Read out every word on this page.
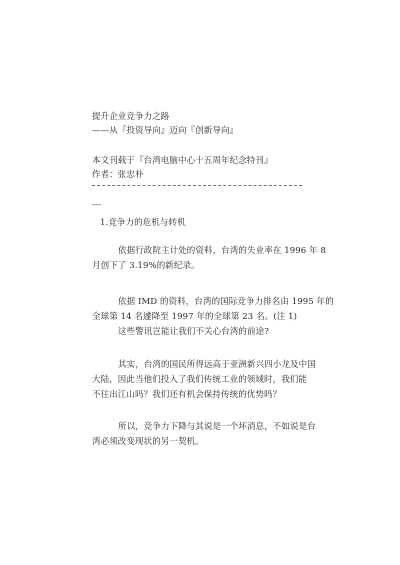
提升企业竞争力之路
——从『投资导向』迈向『创新导向』
本文刊载于『台湾电脑中心十五周年纪念特刊』
作者：张忠朴
---
1.竞争力的危机与转机
依据行政院主计处的资料，台湾的失业率在 1996 年 8
月创下了 3.19%的新纪录。
依据 IMD 的资料，台湾的国际竞争力排名由 1995 年的
全球第 14 名遽降至 1997 年的全球第 23 名。(注 1)
这些警讯岂能让我们不关心台湾的前途?
其实，台湾的国民所得远高于亚洲新兴四小龙及中国
大陆，因此当他们投入了我们传统工业的领域时，我们能
不往出江山吗？我们还有机会保持传统的优势吗？
所以，竞争力下降与其说是一个坏消息，不如说是台
湾必须改变现状的另一契机。
